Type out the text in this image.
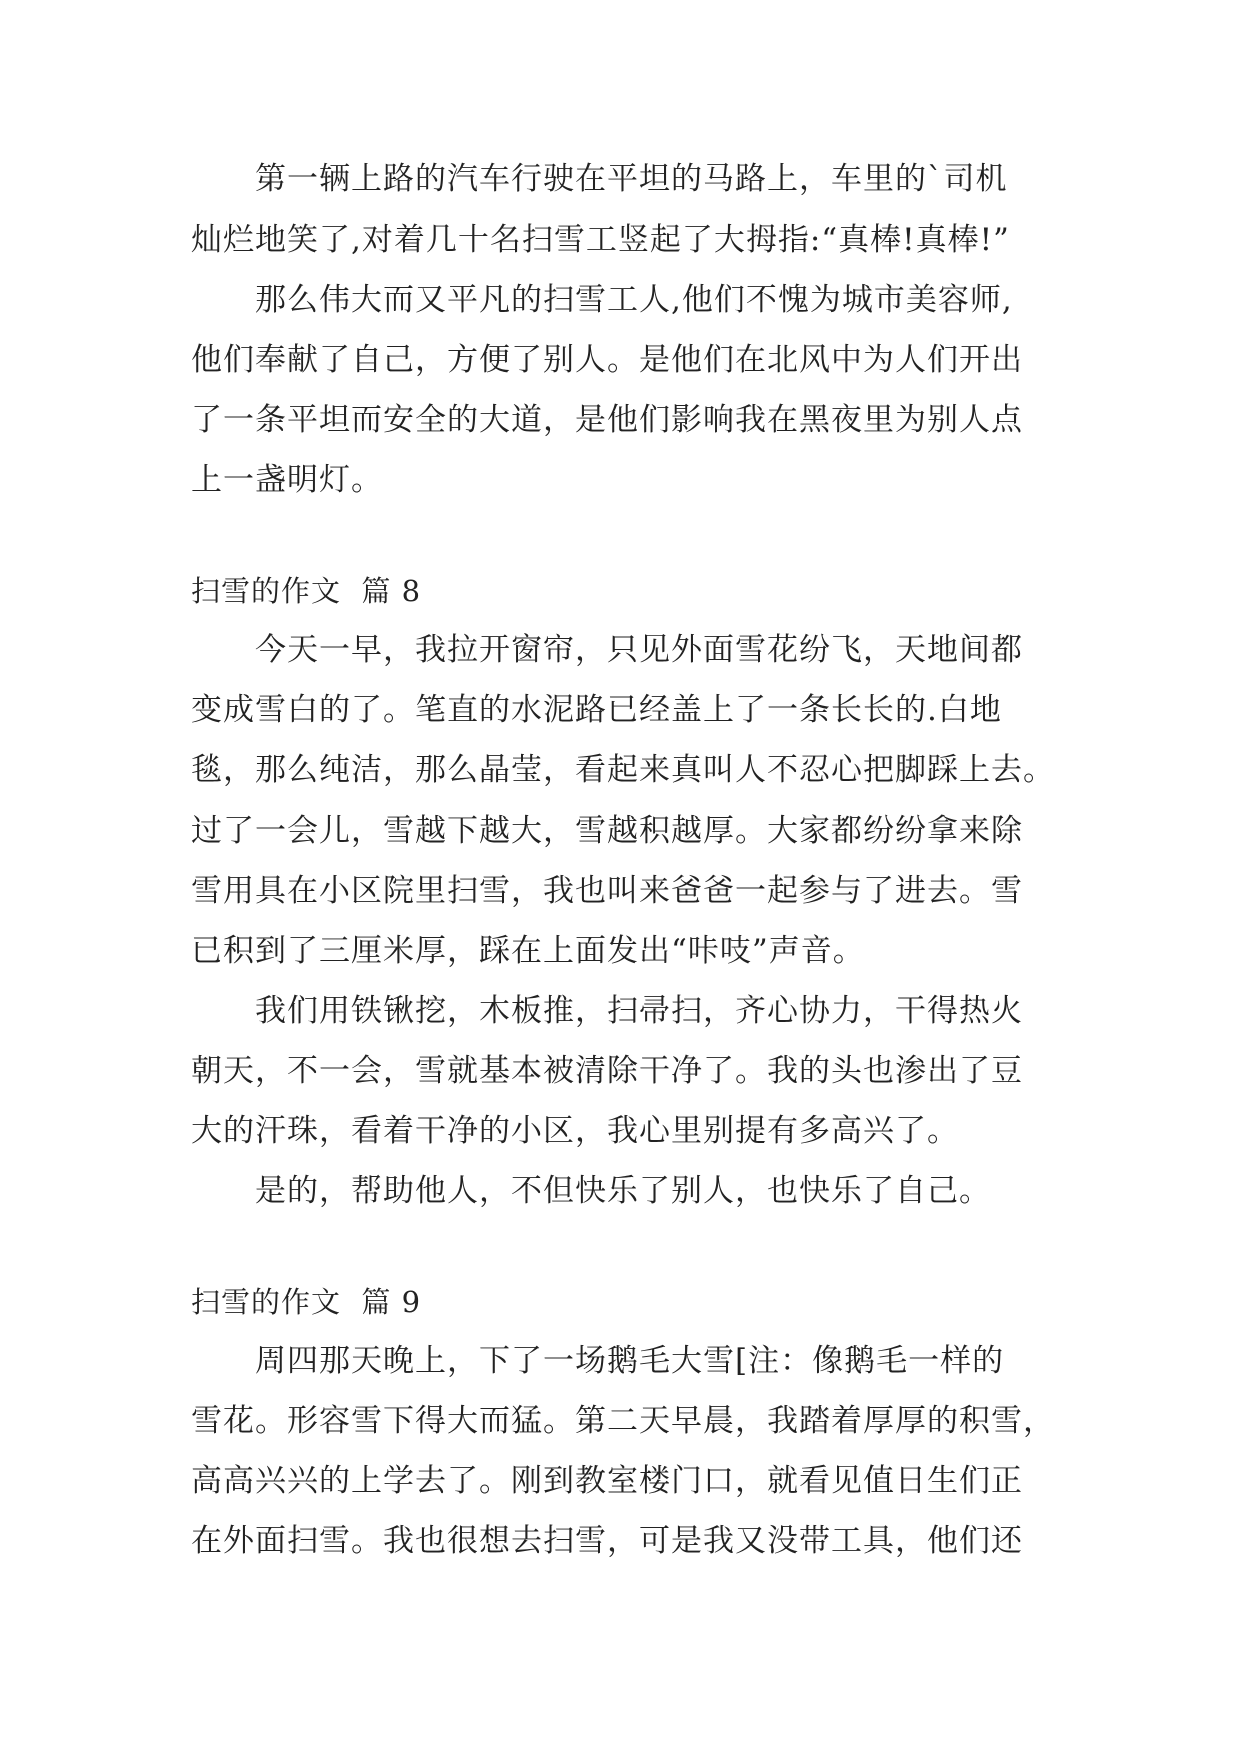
　　第一辆上路的汽车行驶在平坦的马路上，车里的`司机
灿烂地笑了,对着几十名扫雪工竖起了大拇指:“真棒!真棒!”
　　那么伟大而又平凡的扫雪工人,他们不愧为城市美容师,
他们奉献了自己，方便了别人。是他们在北风中为人们开出
了一条平坦而安全的大道，是他们影响我在黑夜里为别人点
上一盏明灯。
扫雪的作文  篇 8
　　今天一早，我拉开窗帘，只见外面雪花纷飞，天地间都
变成雪白的了。笔直的水泥路已经盖上了一条长长的.白地
毯，那么纯洁，那么晶莹，看起来真叫人不忍心把脚踩上去。
过了一会儿，雪越下越大，雪越积越厚。大家都纷纷拿来除
雪用具在小区院里扫雪，我也叫来爸爸一起参与了进去。雪
已积到了三厘米厚，踩在上面发出“咔吱”声音。
　　我们用铁锹挖，木板推，扫帚扫，齐心协力，干得热火
朝天，不一会，雪就基本被清除干净了。我的头也渗出了豆
大的汗珠，看着干净的小区，我心里别提有多高兴了。
　　是的，帮助他人，不但快乐了别人，也快乐了自己。
扫雪的作文  篇 9
　　周四那天晚上，下了一场鹅毛大雪[注：像鹅毛一样的
雪花。形容雪下得大而猛。第二天早晨，我踏着厚厚的积雪，
高高兴兴的上学去了。刚到教室楼门口，就看见值日生们正
在外面扫雪。我也很想去扫雪，可是我又没带工具，他们还
